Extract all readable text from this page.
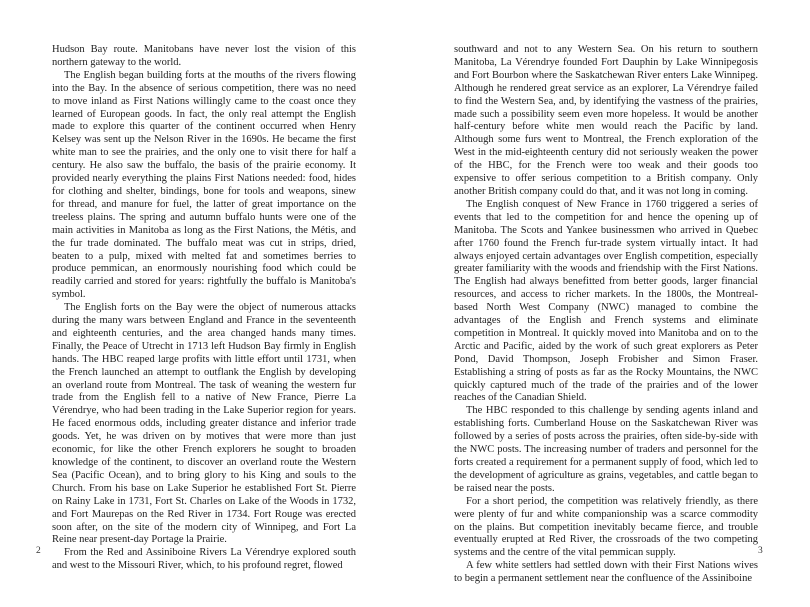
Hudson Bay route. Manitobans have never lost the vision of this northern gateway to the world.

The English began building forts at the mouths of the rivers flowing into the Bay. In the absence of serious competition, there was no need to move inland as First Nations willingly came to the coast once they learned of European goods. In fact, the only real attempt the English made to explore this quarter of the continent occurred when Henry Kelsey was sent up the Nelson River in the 1690s. He became the first white man to see the prairies, and the only one to visit there for half a century. He also saw the buffalo, the basis of the prairie economy. It provided nearly everything the plains First Nations needed: food, hides for clothing and shelter, bindings, bone for tools and weapons, sinew for thread, and manure for fuel, the latter of great importance on the treeless plains. The spring and autumn buffalo hunts were one of the main activities in Manitoba as long as the First Nations, the Métis, and the fur trade dominated. The buffalo meat was cut in strips, dried, beaten to a pulp, mixed with melted fat and sometimes berries to produce pemmican, an enormously nourishing food which could be readily carried and stored for years: rightfully the buffalo is Manitoba's symbol.

The English forts on the Bay were the object of numerous attacks during the many wars between England and France in the seventeenth and eighteenth centuries, and the area changed hands many times. Finally, the Peace of Utrecht in 1713 left Hudson Bay firmly in English hands. The HBC reaped large profits with little effort until 1731, when the French launched an attempt to outflank the English by developing an overland route from Montreal. The task of weaning the western fur trade from the English fell to a native of New France, Pierre La Vérendrye, who had been trading in the Lake Superior region for years. He faced enormous odds, including greater distance and inferior trade goods. Yet, he was driven on by motives that were more than just economic, for like the other French explorers he sought to broaden knowledge of the continent, to discover an overland route the Western Sea (Pacific Ocean), and to bring glory to his King and souls to the Church. From his base on Lake Superior he established Fort St. Pierre on Rainy Lake in 1731, Fort St. Charles on Lake of the Woods in 1732, and Fort Maurepas on the Red River in 1734. Fort Rouge was erected soon after, on the site of the modern city of Winnipeg, and Fort La Reine near present-day Portage la Prairie.

From the Red and Assiniboine Rivers La Vérendrye explored south and west to the Missouri River, which, to his profound regret, flowed

southward and not to any Western Sea. On his return to southern Manitoba, La Vérendrye founded Fort Dauphin by Lake Winnipegosis and Fort Bourbon where the Saskatchewan River enters Lake Winnipeg. Although he rendered great service as an explorer, La Vérendrye failed to find the Western Sea, and, by identifying the vastness of the prairies, made such a possibility seem even more hopeless. It would be another half-century before white men would reach the Pacific by land. Although some furs went to Montreal, the French exploration of the West in the mid-eighteenth century did not seriously weaken the power of the HBC, for the French were too weak and their goods too expensive to offer serious competition to a British company. Only another British company could do that, and it was not long in coming.

The English conquest of New France in 1760 triggered a series of events that led to the competition for and hence the opening up of Manitoba. The Scots and Yankee businessmen who arrived in Quebec after 1760 found the French fur-trade system virtually intact. It had always enjoyed certain advantages over English competition, especially greater familiarity with the woods and friendship with the First Nations. The English had always benefitted from better goods, larger financial resources, and access to richer markets. In the 1800s, the Montreal-based North West Company (NWC) managed to combine the advantages of the English and French systems and eliminate competition in Montreal. It quickly moved into Manitoba and on to the Arctic and Pacific, aided by the work of such great explorers as Peter Pond, David Thompson, Joseph Frobisher and Simon Fraser. Establishing a string of posts as far as the Rocky Mountains, the NWC quickly captured much of the trade of the prairies and of the lower reaches of the Canadian Shield.

The HBC responded to this challenge by sending agents inland and establishing forts. Cumberland House on the Saskatchewan River was followed by a series of posts across the prairies, often side-by-side with the NWC posts. The increasing number of traders and personnel for the forts created a requirement for a permanent supply of food, which led to the development of agriculture as grains, vegetables, and cattle began to be raised near the posts.

For a short period, the competition was relatively friendly, as there were plenty of fur and white companionship was a scarce commodity on the plains. But competition inevitably became fierce, and trouble eventually erupted at Red River, the crossroads of the two competing systems and the centre of the vital pemmican supply.

A few white settlers had settled down with their First Nations wives to begin a permanent settlement near the confluence of the Assiniboine

2	3
